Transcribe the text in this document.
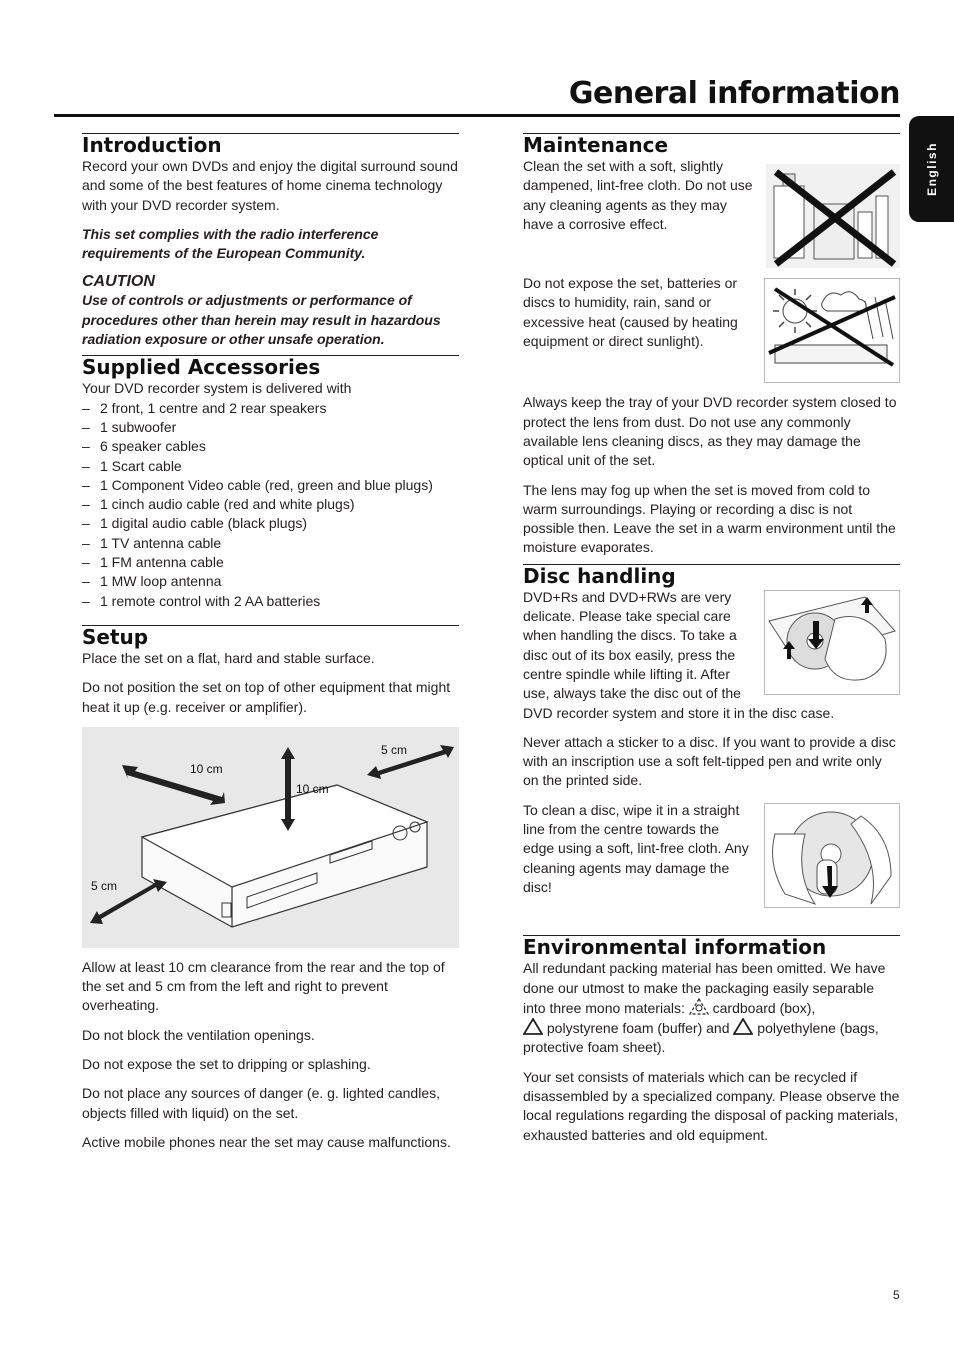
General information
English
Introduction

Record your own DVDs and enjoy the digital surround sound and some of the best features of home cinema technology with your DVD recorder system.

This set complies with the radio interference requirements of the European Community.

CAUTION

Use of controls or adjustments or performance of procedures other than herein may result in hazardous radiation exposure or other unsafe operation.

Supplied Accessories
Your DVD recorder system is delivered with
– 2 front, 1 centre and 2 rear speakers
– 1 subwoofer
– 6 speaker cables
– 1 Scart cable
– 1 Component Video cable (red, green and blue plugs)
– 1 cinch audio cable (red and white plugs)
– 1 digital audio cable (black plugs)
– 1 TV antenna cable
– 1 FM antenna cable
– 1 MW loop antenna
– 1 remote control with 2 AA batteries
Setup

Place the set on a flat, hard and stable surface.

Do not position the set on top of other equipment that might heat it up (e.g. receiver or amplifier).

10 cm
10 cm
5 cm
5 cm

Allow at least 10 cm clearance from the rear and the top of the set and 5 cm from the left and right to prevent overheating.

Do not block the ventilation openings.

Do not expose the set to dripping or splashing.

Do not place any sources of danger (e. g. lighted candles, objects filled with liquid) on the set.

Active mobile phones near the set may cause malfunctions.

Maintenance

Clean the set with a soft, slightly dampened, lint-free cloth. Do not use any cleaning agents as they may have a corrosive effect.

Do not expose the set, batteries or discs to humidity, rain, sand or excessive heat (caused by heating equipment or direct sunlight).

Always keep the tray of your DVD recorder system closed to protect the lens from dust. Do not use any commonly available lens cleaning discs, as they may damage the optical unit of the set.

The lens may fog up when the set is moved from cold to warm surroundings. Playing or recording a disc is not possible then. Leave the set in a warm environment until the moisture evaporates.

Disc handling

DVD+Rs and DVD+RWs are very delicate. Please take special care when handling the discs. To take a disc out of its box easily, press the centre spindle while lifting it. After use, always take the disc out of the DVD recorder system and store it in the disc case.

Never attach a sticker to a disc. If you want to provide a disc with an inscription use a soft felt-tipped pen and write only on the printed side.

To clean a disc, wipe it in a straight line from the centre towards the edge using a soft, lint-free cloth. Any cleaning agents may damage the disc!

Environmental information

All redundant packing material has been omitted. We have done our utmost to make the packaging easily separable into three mono materials: cardboard (box),
polystyrene foam (buffer) and polyethylene (bags, protective foam sheet).

Your set consists of materials which can be recycled if disassembled by a specialized company. Please observe the local regulations regarding the disposal of packing materials, exhausted batteries and old equipment.

5
